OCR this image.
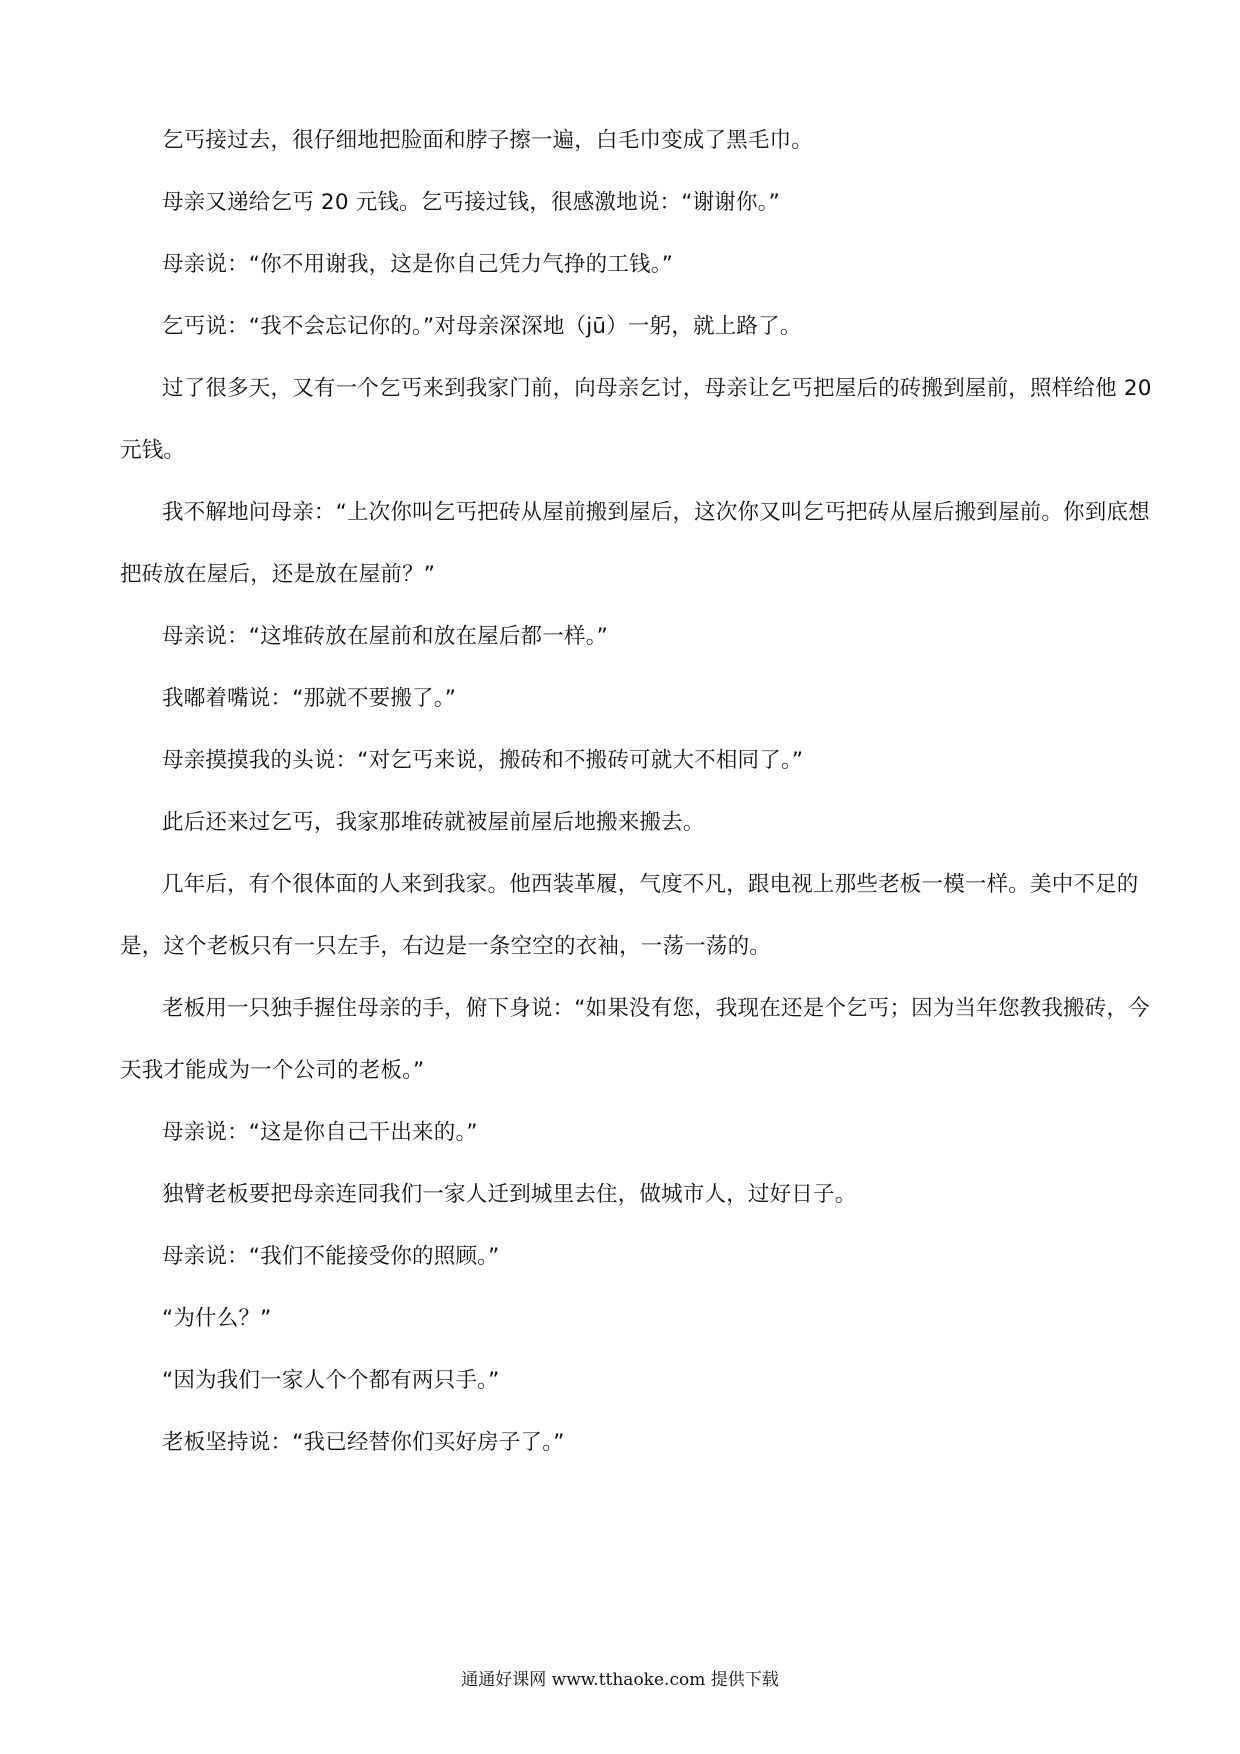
乞丐接过去，很仔细地把脸面和脖子擦一遍，白毛巾变成了黑毛巾。
母亲又递给乞丐 20 元钱。乞丐接过钱，很感激地说：“谢谢你。”
母亲说：“你不用谢我，这是你自己凭力气挣的工钱。”
乞丐说：“我不会忘记你的。”对母亲深深地（jū）一躬，就上路了。
过了很多天，又有一个乞丐来到我家门前，向母亲乞讨，母亲让乞丐把屋后的砖搬到屋前，照样给他 20
元钱。
我不解地问母亲：“上次你叫乞丐把砖从屋前搬到屋后，这次你又叫乞丐把砖从屋后搬到屋前。你到底想
把砖放在屋后，还是放在屋前？”
母亲说：“这堆砖放在屋前和放在屋后都一样。”
我嘟着嘴说：“那就不要搬了。”
母亲摸摸我的头说：“对乞丐来说，搬砖和不搬砖可就大不相同了。”
此后还来过乞丐，我家那堆砖就被屋前屋后地搬来搬去。
几年后，有个很体面的人来到我家。他西装革履，气度不凡，跟电视上那些老板一模一样。美中不足的
是，这个老板只有一只左手，右边是一条空空的衣袖，一荡一荡的。
老板用一只独手握住母亲的手，俯下身说：“如果没有您，我现在还是个乞丐；因为当年您教我搬砖，今
天我才能成为一个公司的老板。”
母亲说：“这是你自己干出来的。”
独臂老板要把母亲连同我们一家人迁到城里去住，做城市人，过好日子。
母亲说：“我们不能接受你的照顾。”
“为什么？”
“因为我们一家人个个都有两只手。”
老板坚持说：“我已经替你们买好房子了。”
通通好课网 www.tthaoke.com 提供下载
